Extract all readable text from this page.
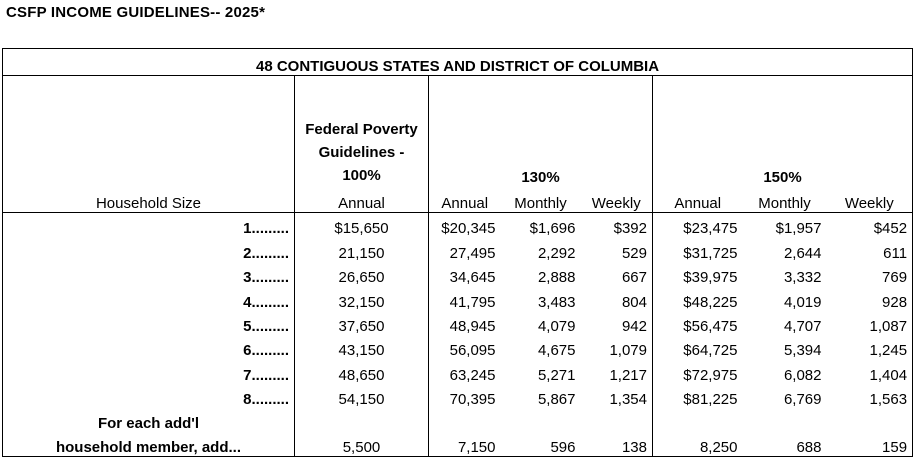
CSFP INCOME GUIDELINES-- 2025*
48 CONTIGUOUS STATES AND DISTRICT OF COLUMBIA							
	Federal Poverty Guidelines - 100%	130%			150%		
Household Size	Annual	Annual	Monthly	Weekly	Annual	Monthly	Weekly
1.........	$15,650	$20,345	$1,696	$392	$23,475	$1,957	$452
2.........	21,150	27,495	2,292	529	$31,725	2,644	611
3.........	26,650	34,645	2,888	667	$39,975	3,332	769
4.........	32,150	41,795	3,483	804	$48,225	4,019	928
5.........	37,650	48,945	4,079	942	$56,475	4,707	1,087
6.........	43,150	56,095	4,675	1,079	$64,725	5,394	1,245
7.........	48,650	63,245	5,271	1,217	$72,975	6,082	1,404
8.........	54,150	70,395	5,867	1,354	$81,225	6,769	1,563
For each add'l							
household member, add...	5,500	7,150	596	138	8,250	688	159
